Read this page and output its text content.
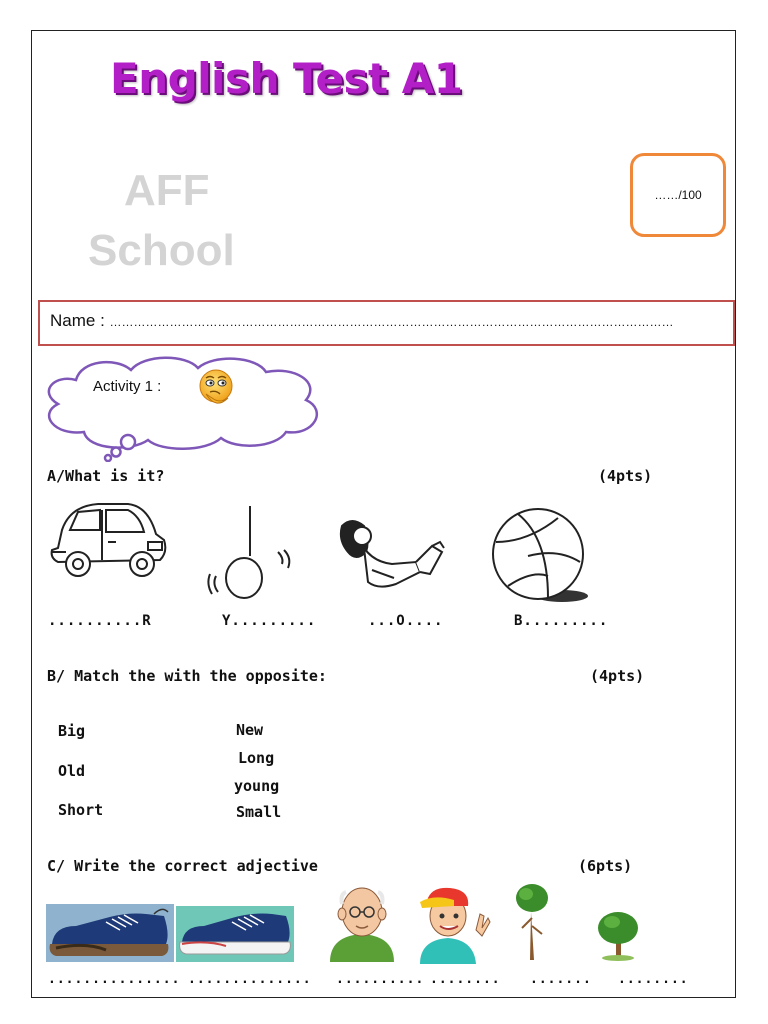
English Test A1
AFF
School
……/100
Name : ……………………………………………………………………………………………………………………………
Activity 1 :
A/What is it?	(4pts)
..........R	Y.........	...O....	B.........
B/ Match the with the opposite:	(4pts)
Big
Old
Short
New
Long
young
Small
C/ Write the correct adjective	(6pts)
............... .............. .......... ........ ....... ........
